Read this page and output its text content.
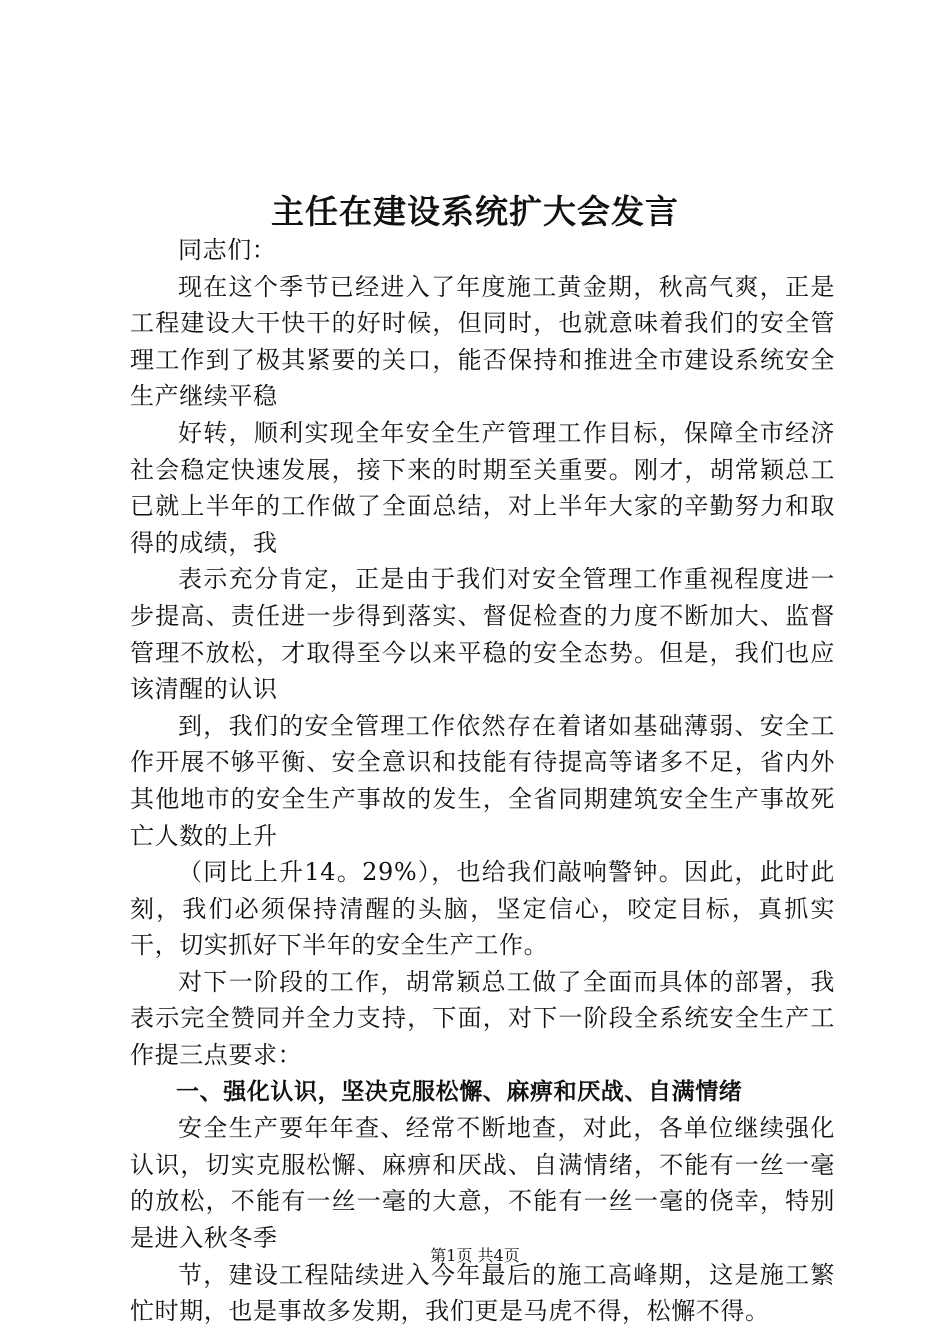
主任在建设系统扩大会发言

同志们：

现在这个季节已经进入了年度施工黄金期，秋高气爽，正是工程建设大干快干的好时候，但同时，也就意味着我们的安全管理工作到了极其紧要的关口，能否保持和推进全市建设系统安全生产继续平稳

好转，顺利实现全年安全生产管理工作目标，保障全市经济社会稳定快速发展，接下来的时期至关重要。刚才，胡常颖总工已就上半年的工作做了全面总结，对上半年大家的辛勤努力和取得的成绩，我

表示充分肯定，正是由于我们对安全管理工作重视程度进一步提高、责任进一步得到落实、督促检查的力度不断加大、监督管理不放松，才取得至今以来平稳的安全态势。但是，我们也应该清醒的认识

到，我们的安全管理工作依然存在着诸如基础薄弱、安全工作开展不够平衡、安全意识和技能有待提高等诸多不足，省内外其他地市的安全生产事故的发生，全省同期建筑安全生产事故死亡人数的上升

（同比上升14。29%），也给我们敲响警钟。因此，此时此刻，我们必须保持清醒的头脑，坚定信心，咬定目标，真抓实干，切实抓好下半年的安全生产工作。

对下一阶段的工作，胡常颖总工做了全面而具体的部署，我表示完全赞同并全力支持，下面，对下一阶段全系统安全生产工作提三点要求：

一、强化认识，坚决克服松懈、麻痹和厌战、自满情绪

安全生产要年年查、经常不断地查，对此，各单位继续强化认识，切实克服松懈、麻痹和厌战、自满情绪，不能有一丝一毫的放松，不能有一丝一毫的大意，不能有一丝一毫的侥幸，特别是进入秋冬季

节，建设工程陆续进入今年最后的施工高峰期，这是施工繁忙时期，也是事故多发期，我们更是马虎不得，松懈不得。

第1页 共4页
